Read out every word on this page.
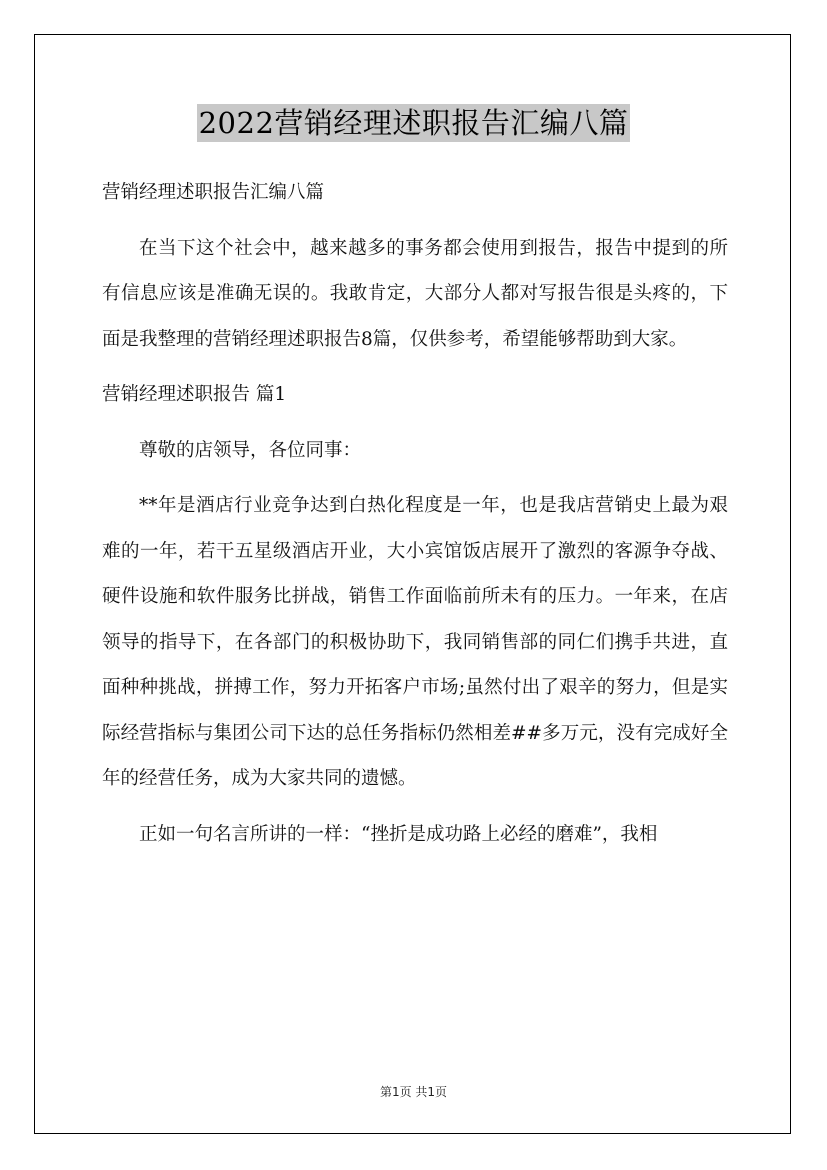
2022营销经理述职报告汇编八篇

营销经理述职报告汇编八篇

在当下这个社会中，越来越多的事务都会使用到报告，报告中提到的所有信息应该是准确无误的。我敢肯定，大部分人都对写报告很是头疼的，下面是我整理的营销经理述职报告8篇，仅供参考，希望能够帮助到大家。

营销经理述职报告 篇1

尊敬的店领导，各位同事：

**年是酒店行业竞争达到白热化程度是一年，也是我店营销史上最为艰难的一年，若干五星级酒店开业，大小宾馆饭店展开了激烈的客源争夺战、硬件设施和软件服务比拼战，销售工作面临前所未有的压力。一年来，在店领导的指导下，在各部门的积极协助下，我同销售部的同仁们携手共进，直面种种挑战，拼搏工作，努力开拓客户市场;虽然付出了艰辛的努力，但是实际经营指标与集团公司下达的总任务指标仍然相差##多万元，没有完成好全年的经营任务，成为大家共同的遗憾。

正如一句名言所讲的一样：“挫折是成功路上必经的磨难”，我相

第1页 共1页
